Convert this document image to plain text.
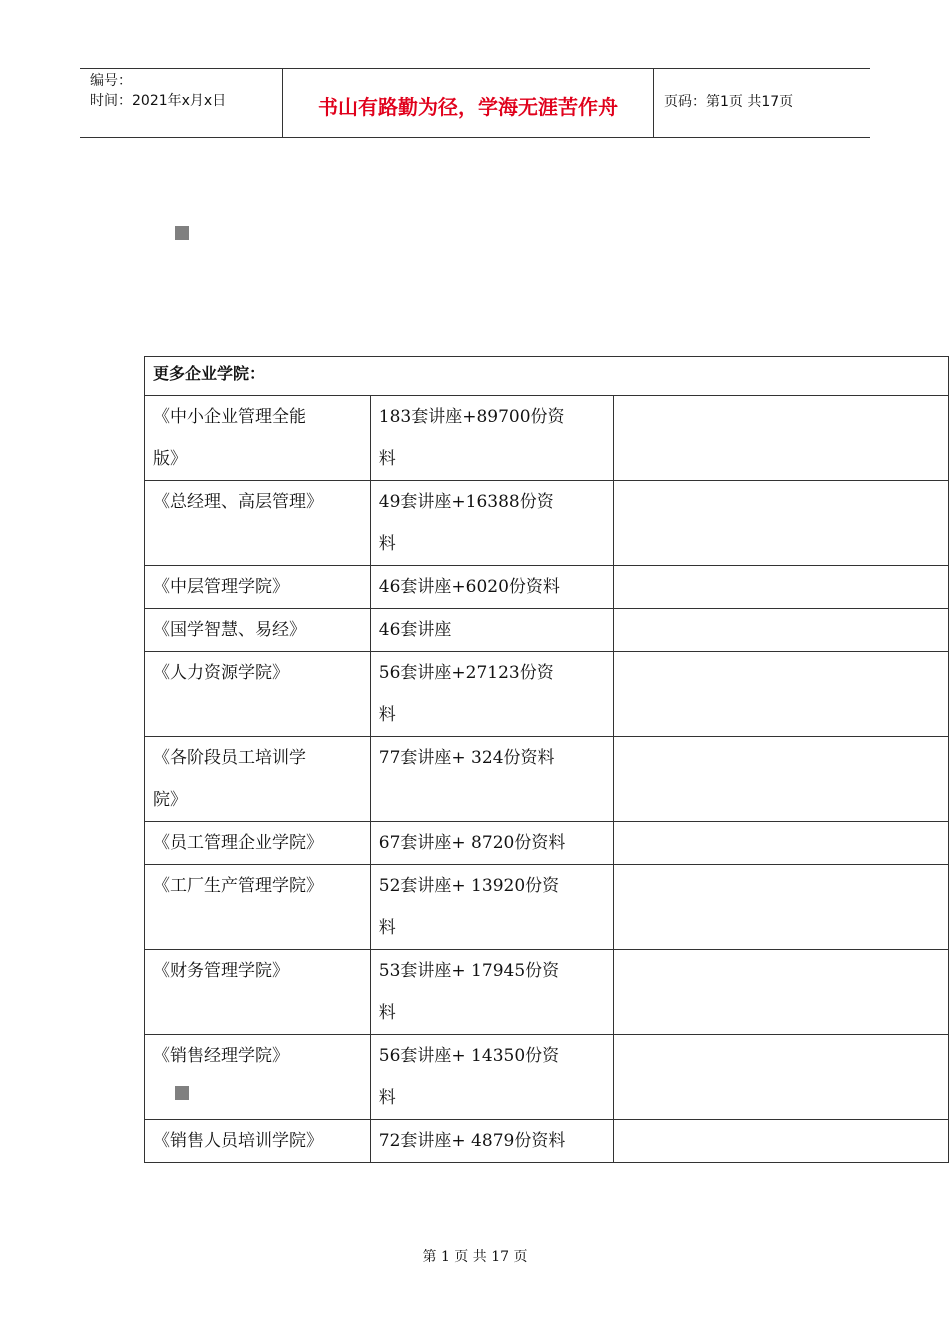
编号：
时间：2021年x月x日	书山有路勤为径，学海无涯苦作舟	页码：第1页 共17页
更多企业学院：		
《中小企业管理全能版》	183套讲座+89700份资料	
《总经理、高层管理》	49套讲座+16388份资料	
《中层管理学院》	46套讲座+6020份资料	
《国学智慧、易经》	46套讲座	
《人力资源学院》	56套讲座+27123份资料	
《各阶段员工培训学院》	77套讲座+ 324份资料	
《员工管理企业学院》	67套讲座+ 8720份资料	
《工厂生产管理学院》	52套讲座+ 13920份资料	
《财务管理学院》	53套讲座+ 17945份资料	
《销售经理学院》	56套讲座+ 14350份资料	
《销售人员培训学院》	72套讲座+ 4879份资料	
第 1 页 共 17 页
